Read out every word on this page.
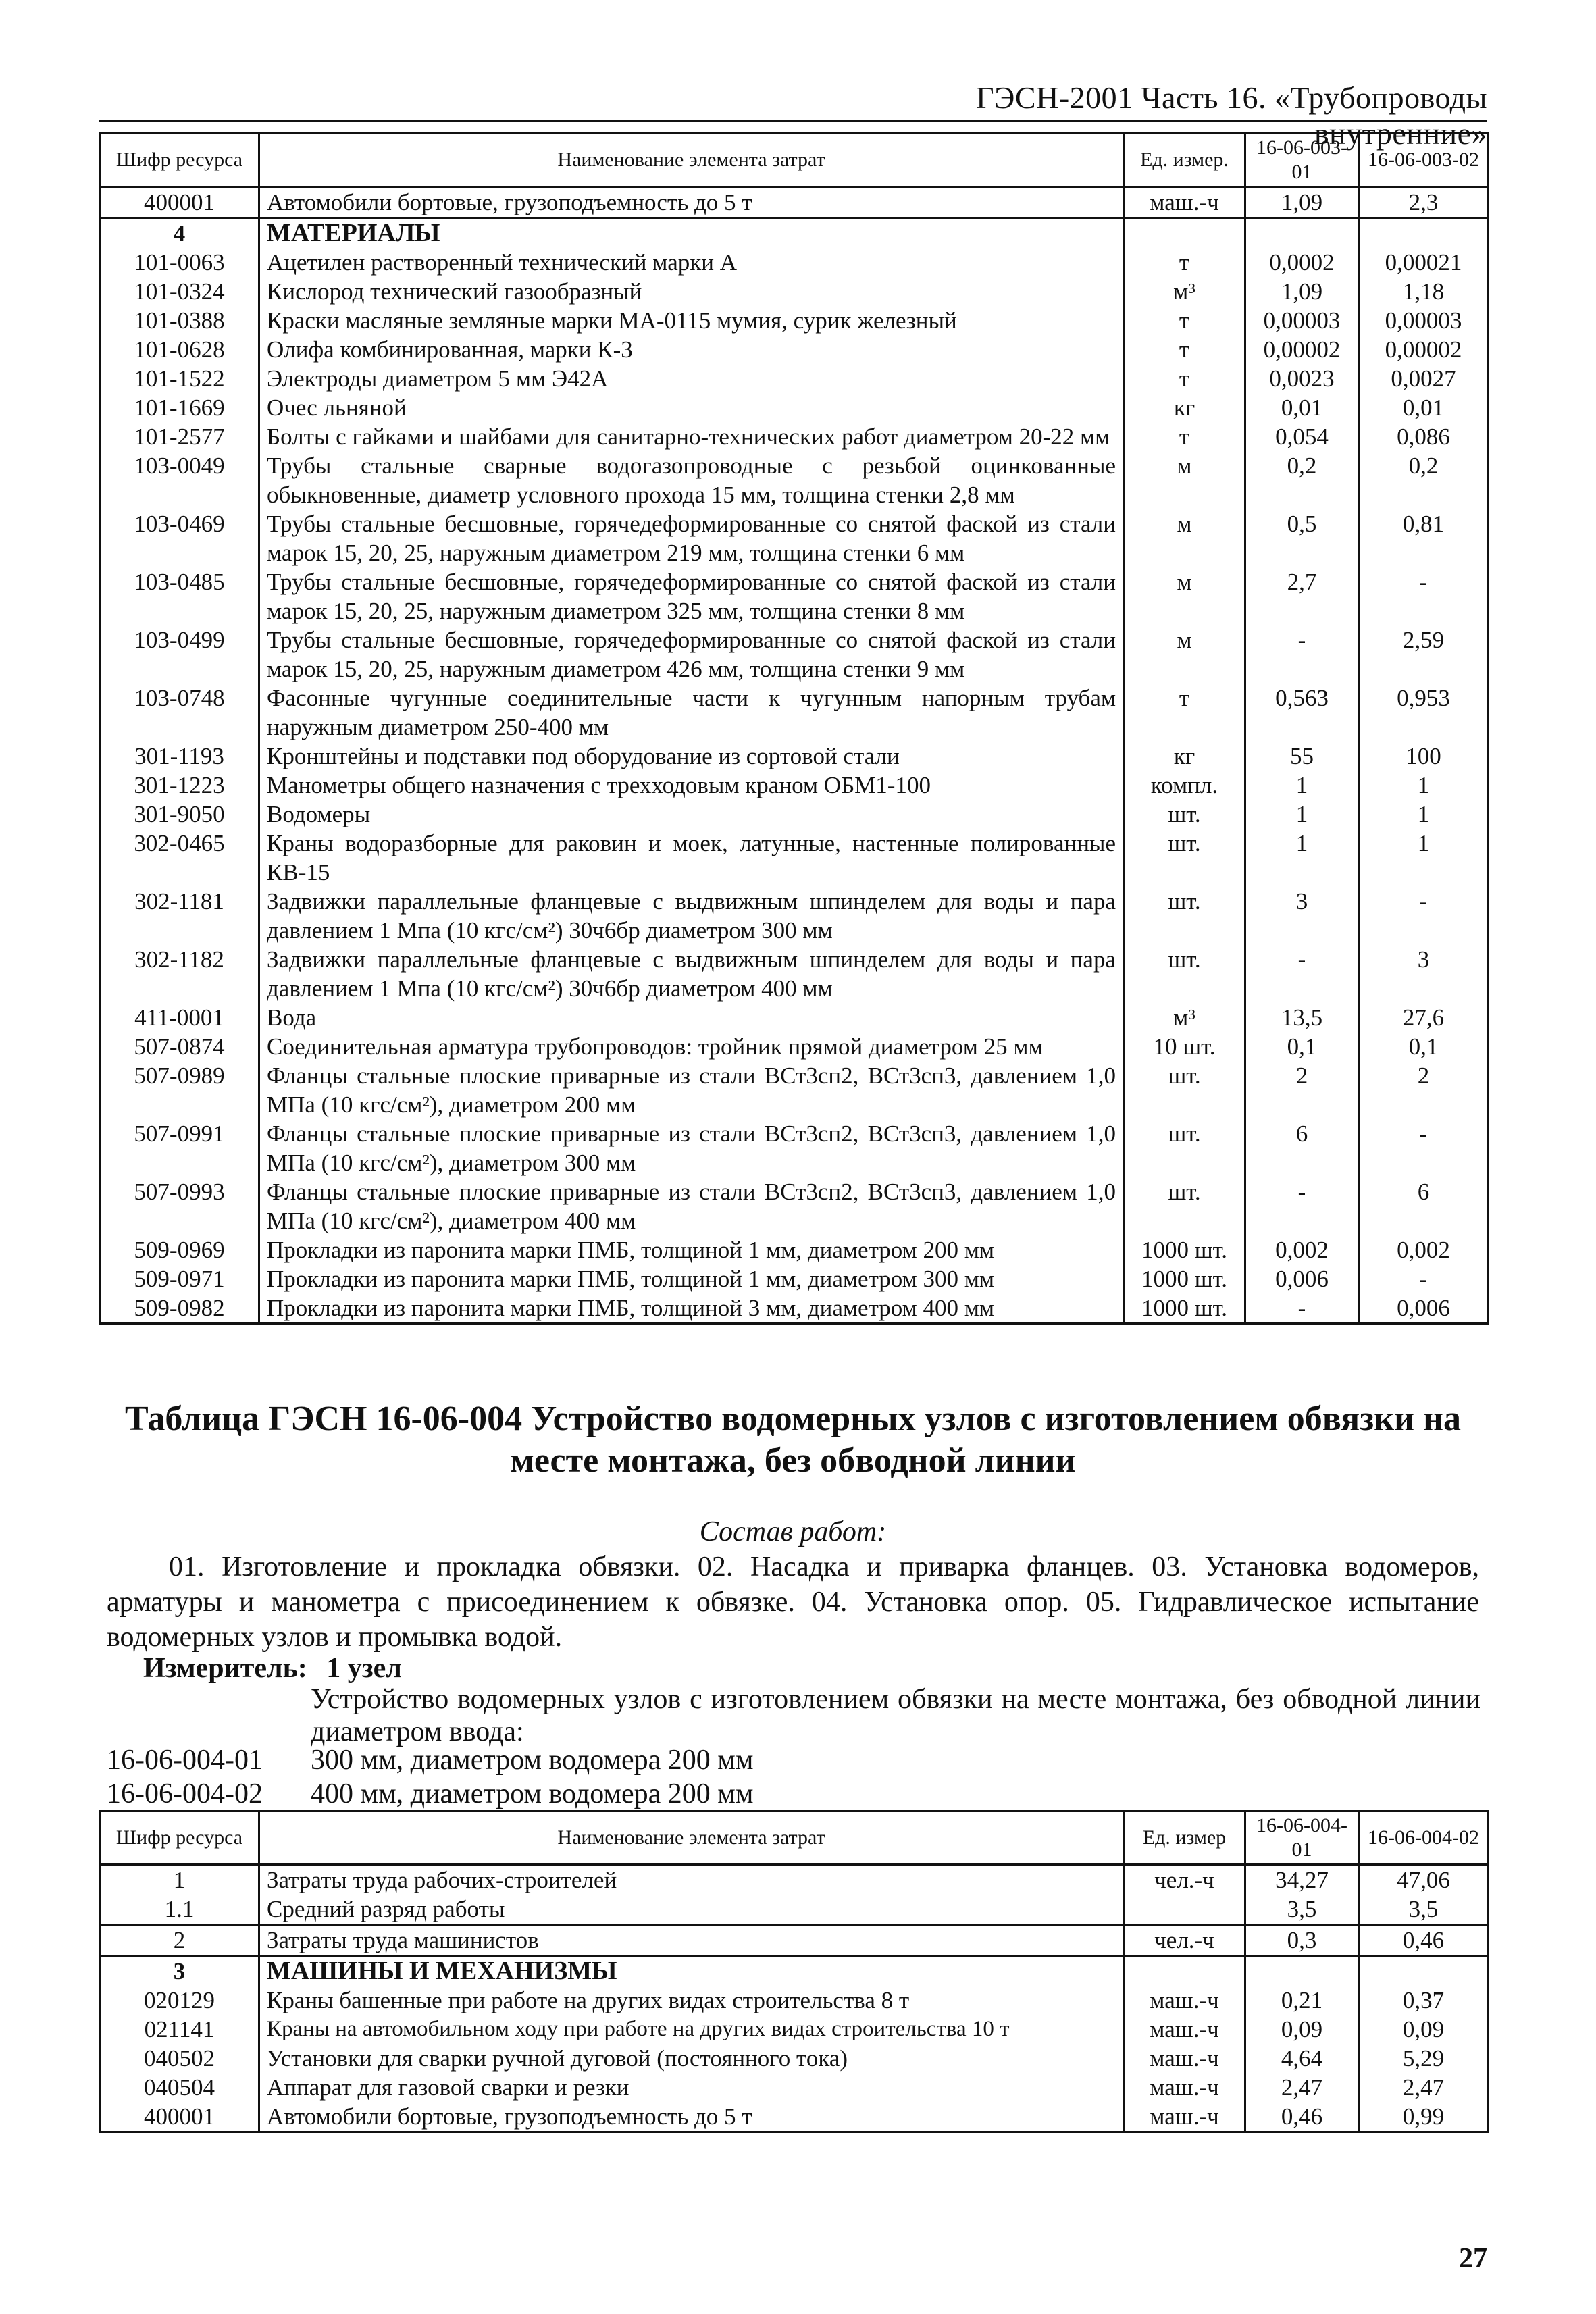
ГЭСН-2001 Часть 16. «Трубопроводы внутренние»
Шифр ресурса	Наименование элемента затрат	Ед. измер.	16-06-003-01	16-06-003-02
400001	Автомобили бортовые, грузоподъемность до 5 т	маш.-ч	1,09	2,3
4	МАТЕРИАЛЫ			
101-0063	Ацетилен растворенный технический марки А	т	0,0002	0,00021
101-0324	Кислород технический газообразный	м³	1,09	1,18
101-0388	Краски масляные земляные марки МА-0115 мумия, сурик железный	т	0,00003	0,00003
101-0628	Олифа комбинированная, марки К-3	т	0,00002	0,00002
101-1522	Электроды диаметром 5 мм Э42А	т	0,0023	0,0027
101-1669	Очес льняной	кг	0,01	0,01
101-2577	Болты с гайками и шайбами для санитарно-технических работ диаметром 20-22 мм	т	0,054	0,086
103-0049	Трубы стальные сварные водогазопроводные с резьбой оцинкованные обыкновенные, диаметр условного прохода 15 мм, толщина стенки 2,8 мм	м	0,2	0,2
103-0469	Трубы стальные бесшовные, горячедеформированные со снятой фаской из стали марок 15, 20, 25, наружным диаметром 219 мм, толщина стенки 6 мм	м	0,5	0,81
103-0485	Трубы стальные бесшовные, горячедеформированные со снятой фаской из стали марок 15, 20, 25, наружным диаметром 325 мм, толщина стенки 8 мм	м	2,7	-
103-0499	Трубы стальные бесшовные, горячедеформированные со снятой фаской из стали марок 15, 20, 25, наружным диаметром 426 мм, толщина стенки 9 мм	м	-	2,59
103-0748	Фасонные чугунные соединительные части к чугунным напорным трубам наружным диаметром 250-400 мм	т	0,563	0,953
301-1193	Кронштейны и подставки под оборудование из сортовой стали	кг	55	100
301-1223	Манометры общего назначения с трехходовым краном ОБМ1-100	компл.	1	1
301-9050	Водомеры	шт.	1	1
302-0465	Краны водоразборные для раковин и моек, латунные, настенные полированные КВ-15	шт.	1	1
302-1181	Задвижки параллельные фланцевые с выдвижным шпинделем для воды и пара давлением 1 Мпа (10 кгс/см²) 30ч6бр диаметром 300 мм	шт.	3	-
302-1182	Задвижки параллельные фланцевые с выдвижным шпинделем для воды и пара давлением 1 Мпа (10 кгс/см²) 30ч6бр диаметром 400 мм	шт.	-	3
411-0001	Вода	м³	13,5	27,6
507-0874	Соединительная арматура трубопроводов: тройник прямой диаметром 25 мм	10 шт.	0,1	0,1
507-0989	Фланцы стальные плоские приварные из стали ВСт3сп2, ВСт3сп3, давлением 1,0 МПа (10 кгс/см²), диаметром 200 мм	шт.	2	2
507-0991	Фланцы стальные плоские приварные из стали ВСт3сп2, ВСт3сп3, давлением 1,0 МПа (10 кгс/см²), диаметром 300 мм	шт.	6	-
507-0993	Фланцы стальные плоские приварные из стали ВСт3сп2, ВСт3сп3, давлением 1,0 МПа (10 кгс/см²), диаметром 400 мм	шт.	-	6
509-0969	Прокладки из паронита марки ПМБ, толщиной 1 мм, диаметром 200 мм	1000 шт.	0,002	0,002
509-0971	Прокладки из паронита марки ПМБ, толщиной 1 мм, диаметром 300 мм	1000 шт.	0,006	-
509-0982	Прокладки из паронита марки ПМБ, толщиной 3 мм, диаметром 400 мм	1000 шт.	-	0,006
Таблица ГЭСН 16-06-004 Устройство водомерных узлов с изготовлением обвязки на месте монтажа, без обводной линии
Состав работ:
01. Изготовление и прокладка обвязки. 02. Насадка и приварка фланцев. 03. Установка водомеров, арматуры и манометра с присоединением к обвязке. 04. Установка опор. 05. Гидравлическое испытание водомерных узлов и промывка водой.
Измеритель: 1 узел
Устройство водомерных узлов с изготовлением обвязки на месте монтажа, без обводной линии диаметром ввода:
16-06-004-01 300 мм, диаметром водомера 200 мм
16-06-004-02 400 мм, диаметром водомера 200 мм
Шифр ресурса	Наименование элемента затрат	Ед. измер	16-06-004-01	16-06-004-02
1	Затраты труда рабочих-строителей	чел.-ч	34,27	47,06
1.1	Средний разряд работы		3,5	3,5
2	Затраты труда машинистов	чел.-ч	0,3	0,46
3	МАШИНЫ И МЕХАНИЗМЫ			
020129	Краны башенные при работе на других видах строительства 8 т	маш.-ч	0,21	0,37
021141	Краны на автомобильном ходу при работе на других видах строительства 10 т	маш.-ч	0,09	0,09
040502	Установки для сварки ручной дуговой (постоянного тока)	маш.-ч	4,64	5,29
040504	Аппарат для газовой сварки и резки	маш.-ч	2,47	2,47
400001	Автомобили бортовые, грузоподъемность до 5 т	маш.-ч	0,46	0,99
27
